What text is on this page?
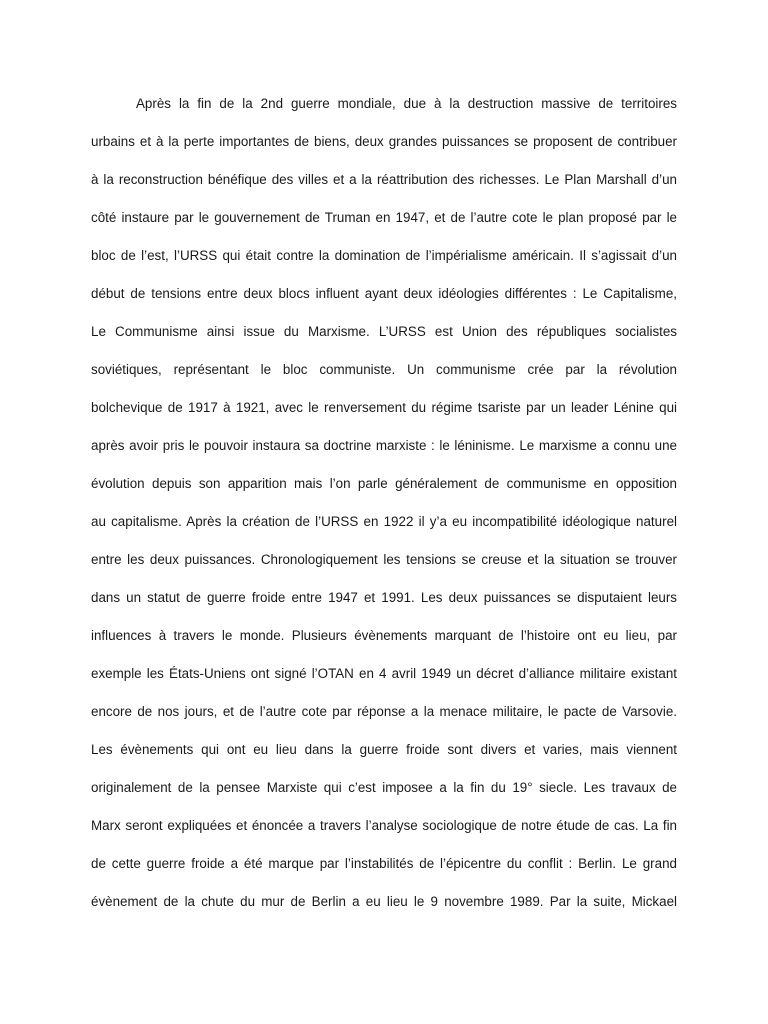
Après la fin de la 2nd guerre mondiale, due à la destruction massive de territoires
urbains et à la perte importantes de biens, deux grandes puissances se proposent de contribuer
à la reconstruction bénéfique des villes et a la réattribution des richesses. Le Plan Marshall d’un
côté instaure par le gouvernement de Truman en 1947, et de l’autre cote le plan proposé par le
bloc de l’est, l’URSS qui était contre la domination de l’impérialisme américain. Il s’agissait d’un
début de tensions entre deux blocs influent ayant deux idéologies différentes : Le Capitalisme,
Le Communisme ainsi issue du Marxisme. L’URSS est Union des républiques socialistes
soviétiques, représentant le bloc communiste. Un communisme crée par la révolution
bolchevique de 1917 à 1921, avec le renversement du régime tsariste par un leader Lénine qui
après avoir pris le pouvoir instaura sa doctrine marxiste : le léninisme. Le marxisme a connu une
évolution depuis son apparition mais l’on parle généralement de communisme en opposition
au capitalisme. Après la création de l’URSS en 1922 il y’a eu incompatibilité idéologique naturel
entre les deux puissances. Chronologiquement les tensions se creuse et la situation se trouver
dans un statut de guerre froide entre 1947 et 1991. Les deux puissances se disputaient leurs
influences à travers le monde. Plusieurs évènements marquant de l’histoire ont eu lieu, par
exemple les États-Uniens ont signé l’OTAN en 4 avril 1949 un décret d’alliance militaire existant
encore de nos jours, et de l’autre cote par réponse a la menace militaire, le pacte de Varsovie.
Les évènements qui ont eu lieu dans la guerre froide sont divers et varies, mais viennent
originalement de la pensee Marxiste qui c’est imposee a la fin du 19° siecle. Les travaux de
Marx seront expliquées et énoncée a travers l’analyse sociologique de notre étude de cas. La fin
de cette guerre froide a été marque par l’instabilités de l’épicentre du conflit : Berlin. Le grand
évènement de la chute du mur de Berlin a eu lieu le 9 novembre 1989. Par la suite, Mickael
